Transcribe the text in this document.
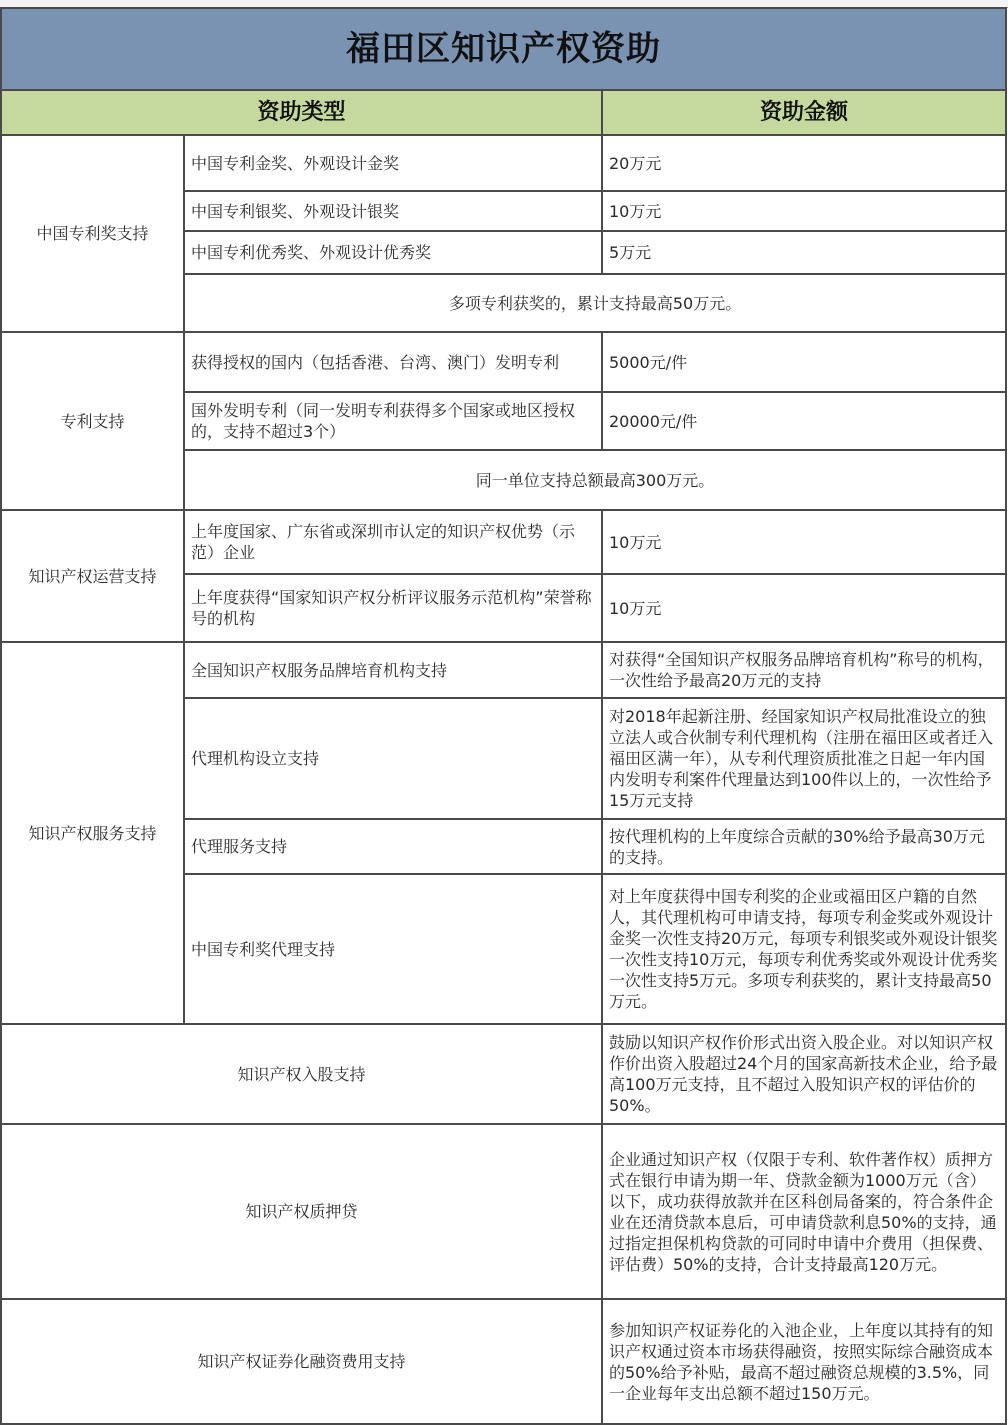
福田区知识产权资助		
资助类型		资助金额
中国专利奖支持	中国专利金奖、外观设计金奖	20万元
	中国专利银奖、外观设计银奖	10万元
	中国专利优秀奖、外观设计优秀奖	5万元
	多项专利获奖的，累计支持最高50万元。	
专利支持	获得授权的国内（包括香港、台湾、澳门）发明专利	5000元/件
	国外发明专利（同一发明专利获得多个国家或地区授权的，支持不超过3个）	20000元/件
	同一单位支持总额最高300万元。	
知识产权运营支持	上年度国家、广东省或深圳市认定的知识产权优势（示范）企业	10万元
	上年度获得“国家知识产权分析评议服务示范机构”荣誉称号的机构	10万元
知识产权服务支持	全国知识产权服务品牌培育机构支持	对获得“全国知识产权服务品牌培育机构”称号的机构，一次性给予最高20万元的支持
	代理机构设立支持	对2018年起新注册、经国家知识产权局批准设立的独立法人或合伙制专利代理机构（注册在福田区或者迁入福田区满一年），从专利代理资质批准之日起一年内国内发明专利案件代理量达到100件以上的，一次性给予15万元支持
	代理服务支持	按代理机构的上年度综合贡献的30%给予最高30万元的支持。
	中国专利奖代理支持	对上年度获得中国专利奖的企业或福田区户籍的自然人，其代理机构可申请支持，每项专利金奖或外观设计金奖一次性支持20万元，每项专利银奖或外观设计银奖一次性支持10万元，每项专利优秀奖或外观设计优秀奖一次性支持5万元。多项专利获奖的，累计支持最高50万元。
知识产权入股支持		鼓励以知识产权作价形式出资入股企业。对以知识产权作价出资入股超过24个月的国家高新技术企业，给予最高100万元支持，且不超过入股知识产权的评估价的50%。
知识产权质押贷		企业通过知识产权（仅限于专利、软件著作权）质押方式在银行申请为期一年、贷款金额为1000万元（含）以下，成功获得放款并在区科创局备案的，符合条件企业在还清贷款本息后，可申请贷款利息50%的支持，通过指定担保机构贷款的可同时申请中介费用（担保费、评估费）50%的支持，合计支持最高120万元。
知识产权证券化融资费用支持		参加知识产权证券化的入池企业，上年度以其持有的知识产权通过资本市场获得融资，按照实际综合融资成本的50%给予补贴，最高不超过融资总规模的3.5%，同一企业每年支出总额不超过150万元。
